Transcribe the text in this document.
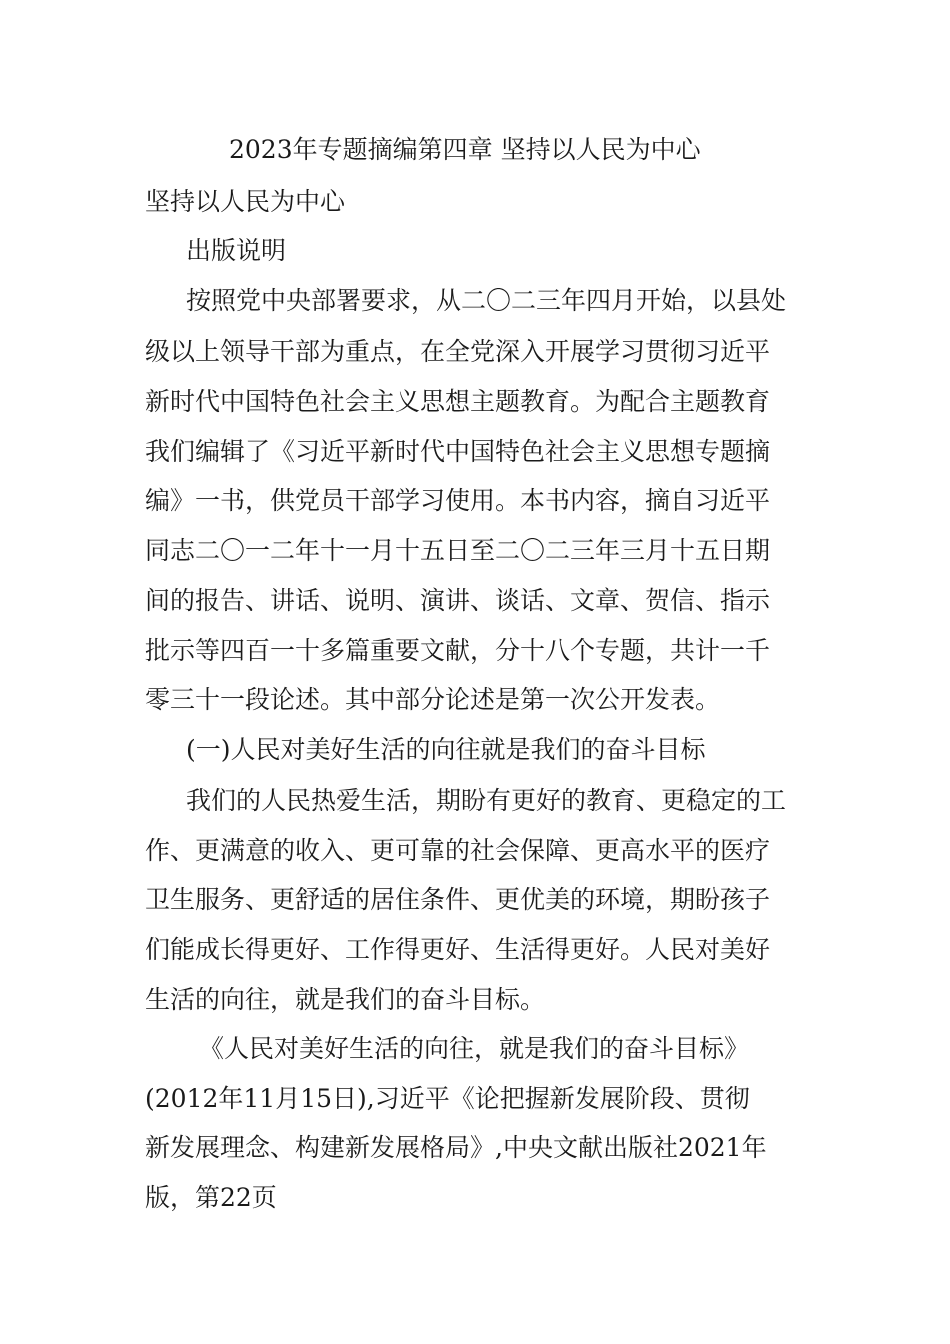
2023年专题摘编第四章 坚持以人民为中心

坚持以人民为中心

出版说明

按照党中央部署要求，从二〇二三年四月开始，以县处

级以上领导干部为重点，在全党深入开展学习贯彻习近平

新时代中国特色社会主义思想主题教育。为配合主题教育

我们编辑了《习近平新时代中国特色社会主义思想专题摘

编》一书，供党员干部学习使用。本书内容，摘自习近平

同志二〇一二年十一月十五日至二〇二三年三月十五日期

间的报告、讲话、说明、演讲、谈话、文章、贺信、指示

批示等四百一十多篇重要文献，分十八个专题，共计一千

零三十一段论述。其中部分论述是第一次公开发表。

(一)人民对美好生活的向往就是我们的奋斗目标

我们的人民热爱生活，期盼有更好的教育、更稳定的工

作、更满意的收入、更可靠的社会保障、更高水平的医疗

卫生服务、更舒适的居住条件、更优美的环境，期盼孩子

们能成长得更好、工作得更好、生活得更好。人民对美好

生活的向往，就是我们的奋斗目标。

《人民对美好生活的向往，就是我们的奋斗目标》

(2012年11月15日),习近平《论把握新发展阶段、贯彻

新发展理念、构建新发展格局》,中央文献出版社2021年

版，第22页
